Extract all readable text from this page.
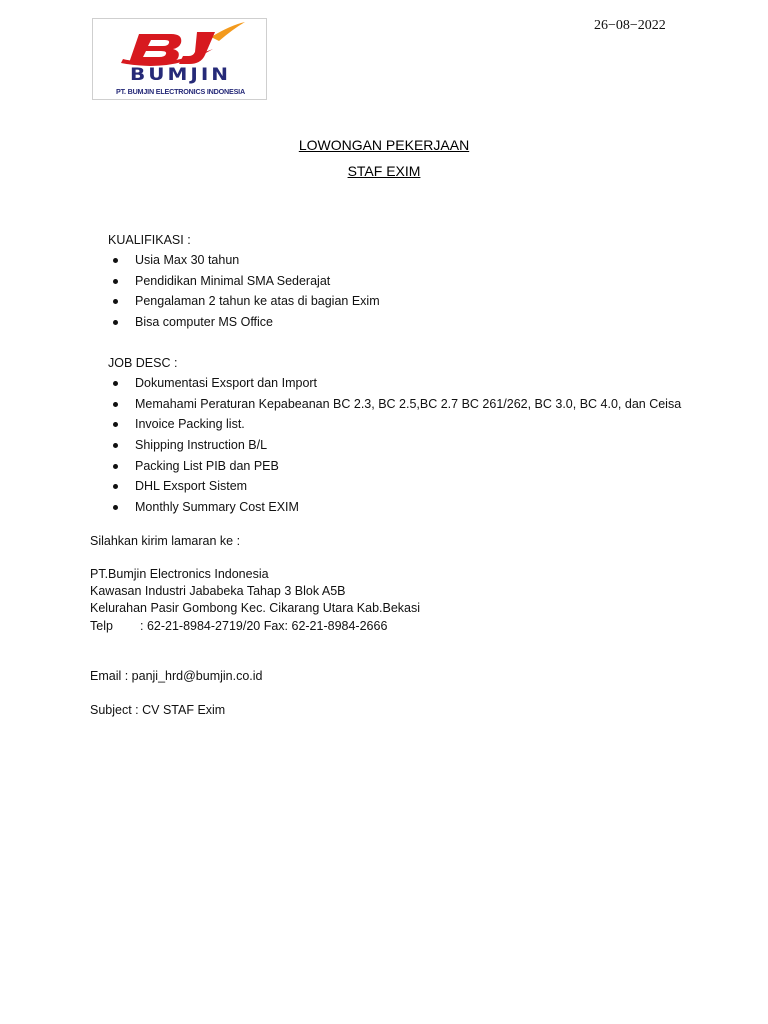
BUMJIN
PT. BUMJIN ELECTRONICS INDONESIA
26−08−2022
LOWONGAN PEKERJAAN
STAF EXIM
KUALIFIKASI :
Usia Max 30 tahun
Pendidikan Minimal SMA Sederajat
Pengalaman 2 tahun ke atas di bagian Exim
Bisa computer MS Office
JOB DESC :
Dokumentasi Exsport dan Import
Memahami Peraturan Kepabeanan BC 2.3, BC 2.5,BC 2.7 BC 261/262, BC 3.0, BC 4.0, dan Ceisa
Invoice Packing list.
Shipping Instruction B/L
Packing List PIB dan PEB
DHL Exsport Sistem
Monthly Summary Cost EXIM
Silahkan kirim lamaran ke :
PT.Bumjin Electronics Indonesia
Kawasan Industri Jababeka Tahap 3 Blok A5B
Kelurahan Pasir Gombong Kec. Cikarang Utara Kab.Bekasi
Telp : 62-21-8984-2719/20 Fax: 62-21-8984-2666
Email : panji_hrd@bumjin.co.id
Subject : CV STAF Exim
